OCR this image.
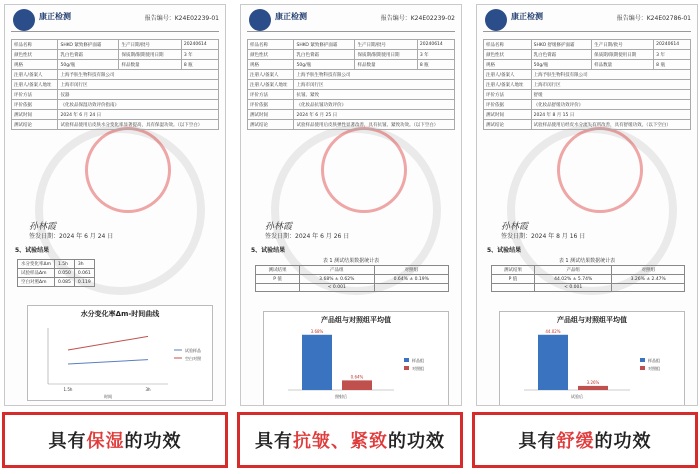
康正检测	报告编号：K24E02239-01
样品名称	SHKO 紧致修护面霜	生产日期/批号	20240614
颜色性状	乳白色膏霜	保质期/限期使用日期	3 年
规格	50g/瓶	样品数量	8 瓶
注册人/备案人	上海予肤生物科技有限公司		
注册人/备案人地址	上海市闵行区		
评价方法	仪器		
评价依据	《化妆品保湿功效评价指南》		
测试时间	2024 年 6 月 24 日		
测试结论	试验样品使用后皮肤水分变化率显著提高，具有保湿功效。（以下空白）		
孙林霞
签发日期：2024 年 6 月 24 日
5、试验结果
水分变化率Δm	1.5h	3h
试验样品Δm	0.050	0.061
空白对照Δm	0.085	0.119
水分变化率Δm-时间曲线
1.5h	3h
时间
试验样品
空白对照
康正检测	报告编号：K24E02239-02
样品名称	SHKO 紧致修护面霜	生产日期/批号	20240614
颜色性状	乳白色膏霜	保质期/限期使用日期	3 年
规格	50g/瓶	样品数量	8 瓶
注册人/备案人	上海予肤生物科技有限公司		
注册人/备案人地址	上海市闵行区		
评价方法	抗皱、紧致		
评价依据	《化妆品抗皱功效评价》		
测试时间	2024 年 6 月 25 日		
测试结论	试验样品使用后皮肤弹性显著改善，具有抗皱、紧致功效。（以下空白）		
孙林霞
签发日期：2024 年 6 月 26 日
5、试验结果
表 1 测试结果数据统计表
测试结果	产品组	对照组
P 值	3.68% ± 0.62%	0.64% ± 0.19%
	< 0.001	
产品组与对照组平均值
3.68%
样品组
0.64%
对照组
照射后
康正检测	报告编号：K24E02786-01
样品名称	SHKO 舒缓修护面霜	生产日期/批号	20240614
颜色性状	乳白色膏霜	保质期/限期使用日期	3 年
规格	50g/瓶	样品数量	8 瓶
注册人/备案人	上海予肤生物科技有限公司		
注册人/备案人地址	上海市闵行区		
评价方法	舒缓		
评价依据	《化妆品舒缓功效评价》		
测试时间	2024 年 8 月 15 日		
测试结论	试验样品使用后经皮水分流失有所改善，具有舒缓功效。（以下空白）		
孙林霞
签发日期：2024 年 8 月 16 日
5、试验结果
表 1 测试结果数据统计表
测试结果	产品组	对照组
P 值	44.02% ± 5.74%	3.26% ± 2.47%
	< 0.001	
产品组与对照组平均值
44.02%
样品组
3.26%
对照组
试验后
具有 保湿 的功效	具有 抗皱、紧致 的功效	具有 舒缓 的功效
